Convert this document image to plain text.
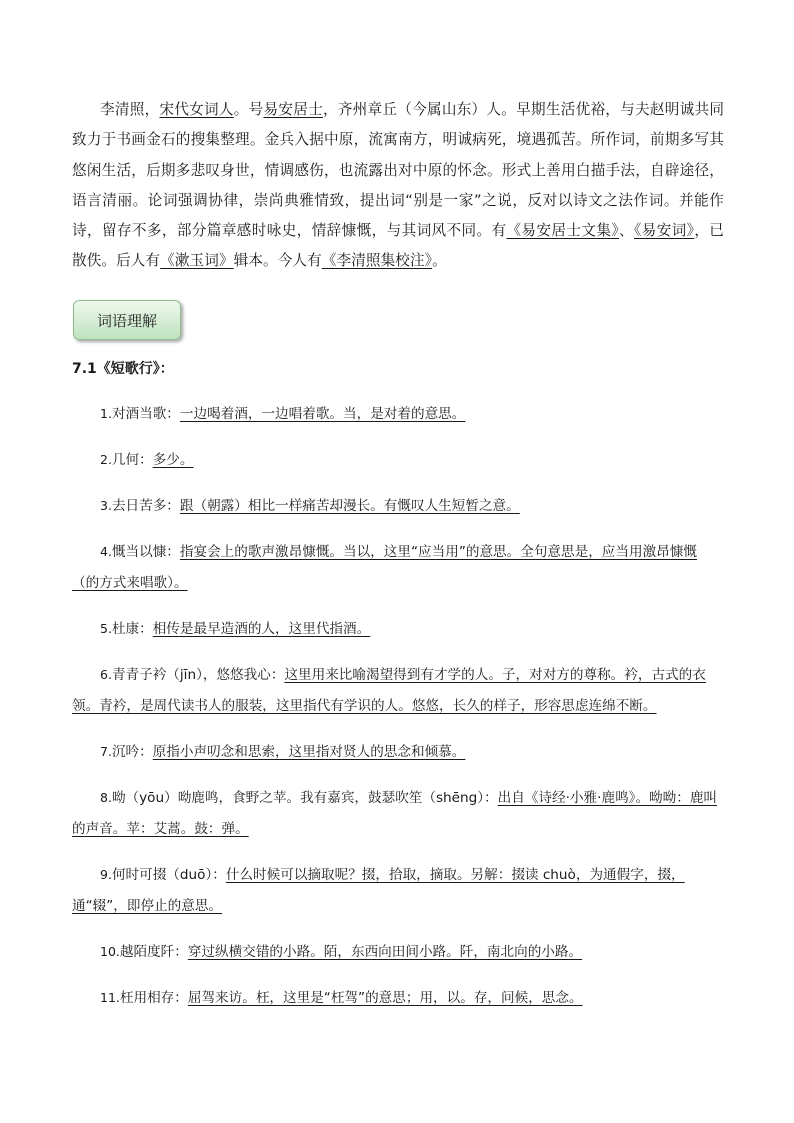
李清照，宋代女词人。号易安居士，齐州章丘（今属山东）人。早期生活优裕，与夫赵明诚共同致力于书画金石的搜集整理。金兵入据中原，流寓南方，明诚病死，境遇孤苦。所作词，前期多写其悠闲生活，后期多悲叹身世，情调感伤，也流露出对中原的怀念。形式上善用白描手法，自辟途径，语言清丽。论词强调协律，崇尚典雅情致，提出词“别是一家”之说，反对以诗文之法作词。并能作诗，留存不多，部分篇章感时咏史，情辞慷慨，与其词风不同。有《易安居士文集》、《易安词》，已散佚。后人有《漱玉词》辑本。今人有《李清照集校注》。

词语理解
7.1《短歌行》：
1.对酒当歌：一边喝着酒，一边唱着歌。当，是对着的意思。
2.几何：多少。
3.去日苦多：跟（朝露）相比一样痛苦却漫长。有慨叹人生短暂之意。
4.慨当以慷：指宴会上的歌声激昂慷慨。当以，这里“应当用”的意思。全句意思是，应当用激昂慷慨（的方式来唱歌）。
5.杜康：相传是最早造酒的人，这里代指酒。
6.青青子衿（jīn），悠悠我心：这里用来比喻渴望得到有才学的人。子，对对方的尊称。衿，古式的衣领。青衿，是周代读书人的服装，这里指代有学识的人。悠悠，长久的样子，形容思虑连绵不断。
7.沉吟：原指小声叨念和思索，这里指对贤人的思念和倾慕。
8.呦（yōu）呦鹿鸣，食野之苹。我有嘉宾，鼓瑟吹笙（shēng）：出自《诗经·小雅·鹿鸣》。呦呦：鹿叫的声音。苹：艾蒿。鼓：弹。
9.何时可掇（duō）：什么时候可以摘取呢？掇，拾取，摘取。另解：掇读 chuò，为通假字，掇，通“辍”，即停止的意思。
10.越陌度阡：穿过纵横交错的小路。陌，东西向田间小路。阡，南北向的小路。
11.枉用相存：屈驾来访。枉，这里是“枉驾”的意思；用，以。存，问候，思念。
